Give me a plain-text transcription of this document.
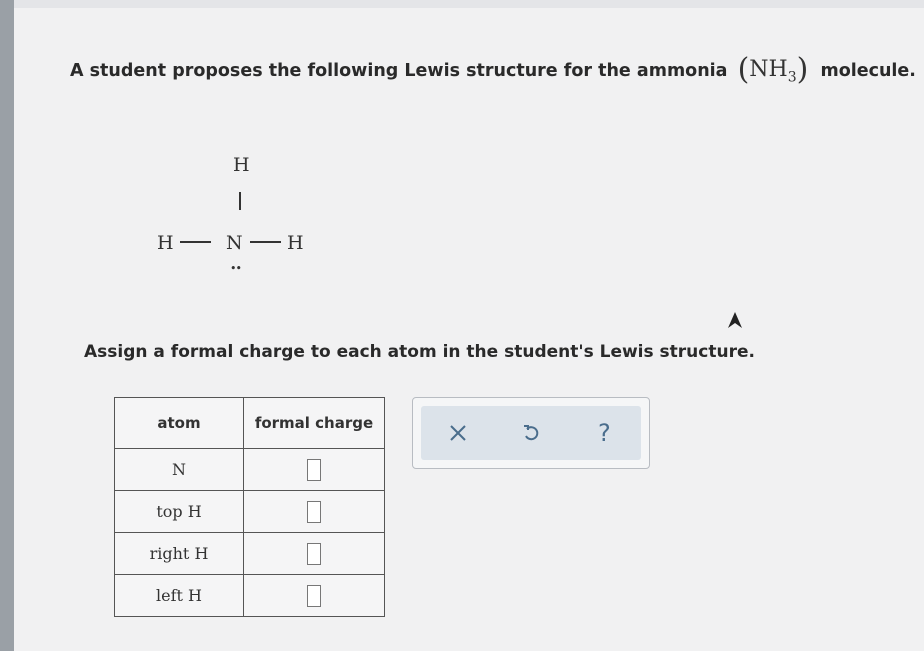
A student proposes the following Lewis structure for the ammonia $(NH_3)$ molecule.
H
H	N H
••
Assign a formal charge to each atom in the student's Lewis structure.
atom	formal charge
N	
top H	
right H	
left H	
?
